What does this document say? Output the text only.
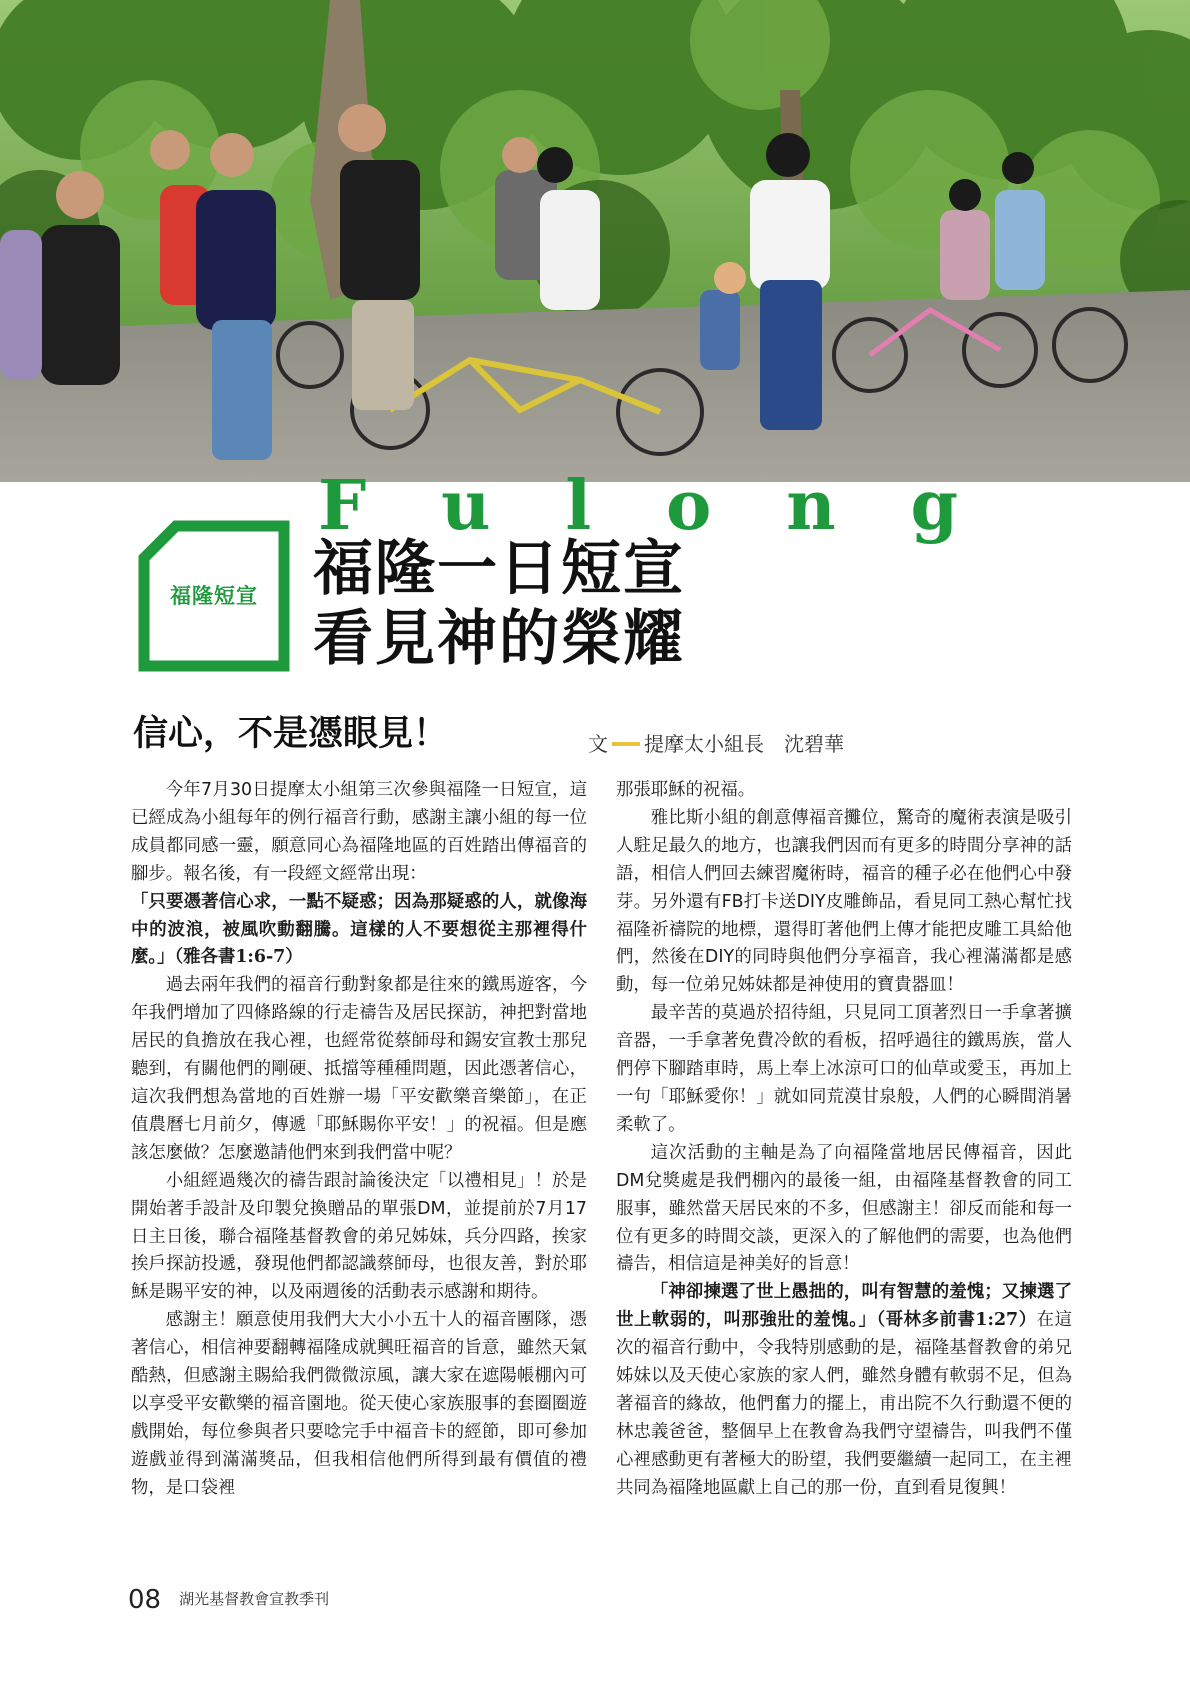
F u l o n g
福隆短宣 福隆一日短宣
看見神的榮耀
信心，不是憑眼見！	文 提摩太小組長　沈碧華

今年7月30日提摩太小組第三次參與福隆一日短宣，這已經成為小組每年的例行福音行動，感謝主讓小組的每一位成員都同感一靈，願意同心為福隆地區的百姓踏出傳福音的腳步。報名後，有一段經文經常出現：

「只要憑著信心求，一點不疑惑；因為那疑惑的人，就像海中的波浪，被風吹動翻騰。這樣的人不要想從主那裡得什麼。」（雅各書1:6-7）

過去兩年我們的福音行動對象都是往來的鐵馬遊客，今年我們增加了四條路線的行走禱告及居民探訪，神把對當地居民的負擔放在我心裡，也經常從蔡師母和錫安宣教士那兒聽到，有關他們的剛硬、抵擋等種種問題，因此憑著信心，這次我們想為當地的百姓辦一場「平安歡樂音樂節」，在正值農曆七月前夕，傳遞「耶穌賜你平安！」的祝福。但是應該怎麼做？怎麼邀請他們來到我們當中呢？

小組經過幾次的禱告跟討論後決定「以禮相見」！於是開始著手設計及印製兌換贈品的單張DM，並提前於7月17日主日後，聯合福隆基督教會的弟兄姊妹，兵分四路，挨家挨戶探訪投遞，發現他們都認識蔡師母，也很友善，對於耶穌是賜平安的神，以及兩週後的活動表示感謝和期待。

感謝主！願意使用我們大大小小五十人的福音團隊，憑著信心，相信神要翻轉福隆成就興旺福音的旨意，雖然天氣酷熱，但感謝主賜給我們微微涼風，讓大家在遮陽帳棚內可以享受平安歡樂的福音園地。從天使心家族服事的套圈圈遊戲開始，每位參與者只要唸完手中福音卡的經節，即可參加遊戲並得到滿滿獎品，但我相信他們所得到最有價值的禮物，是口袋裡

那張耶穌的祝福。

雅比斯小組的創意傳福音攤位，驚奇的魔術表演是吸引人駐足最久的地方，也讓我們因而有更多的時間分享神的話語，相信人們回去練習魔術時，福音的種子必在他們心中發芽。另外還有FB打卡送DIY皮雕飾品，看見同工熱心幫忙找福隆祈禱院的地標，還得盯著他們上傳才能把皮雕工具給他們，然後在DIY的同時與他們分享福音，我心裡滿滿都是感動，每一位弟兄姊妹都是神使用的寶貴器皿！

最辛苦的莫過於招待組，只見同工頂著烈日一手拿著擴音器，一手拿著免費冷飲的看板，招呼過往的鐵馬族，當人們停下腳踏車時，馬上奉上冰涼可口的仙草或愛玉，再加上一句「耶穌愛你！」就如同荒漠甘泉般，人們的心瞬間消暑柔軟了。

這次活動的主軸是為了向福隆當地居民傳福音，因此DM兌獎處是我們棚內的最後一組，由福隆基督教會的同工服事，雖然當天居民來的不多，但感謝主！卻反而能和每一位有更多的時間交談，更深入的了解他們的需要，也為他們禱告，相信這是神美好的旨意！

「神卻揀選了世上愚拙的，叫有智慧的羞愧；又揀選了世上軟弱的，叫那強壯的羞愧。」（哥林多前書1:27）在這次的福音行動中，令我特別感動的是，福隆基督教會的弟兄姊妹以及天使心家族的家人們，雖然身體有軟弱不足，但為著福音的緣故，他們奮力的擺上，甫出院不久行動還不便的林忠義爸爸，整個早上在教會為我們守望禱告，叫我們不僅心裡感動更有著極大的盼望，我們要繼續一起同工，在主裡共同為福隆地區獻上自己的那一份，直到看見復興！

08 湖光基督教會宣教季刊
